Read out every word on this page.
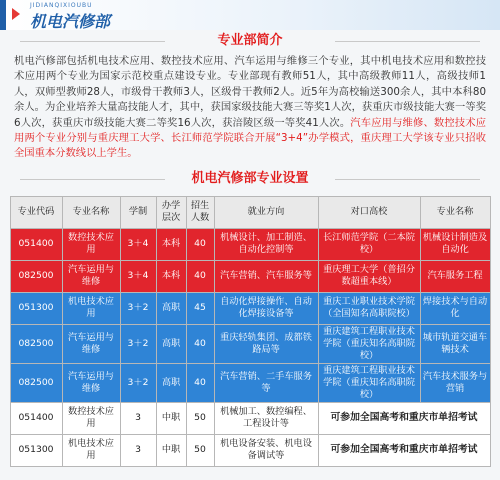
JIDIANQIXIOUBU
机电汽修部
专业部简介

机电汽修部包括机电技术应用、数控技术应用、汽车运用与维修三个专业，其中机电技术应用和数控技术应用两个专业为国家示范校重点建设专业。专业部现有教师51人，其中高级教师11人，高级技师1人，双师型教师28人，市级骨干教师3人，区级骨干教师2人。近5年为高校输送300余人，其中本科80余人。为企业培养大量高技能人才，其中，获国家级技能大赛三等奖1人次，获重庆市级技能大赛一等奖6人次，获重庆市级技能大赛二等奖16人次，获涪陵区级一等奖41人次。汽车应用与维修、数控技术应用两个专业分别与重庆理工大学、长江师范学院联合开展“3+4”办学模式，重庆理工大学该专业只招收全国重本分数线以上学生。

机电汽修部专业设置
专业代码	专业名称	学制	办学层次	招生人数	就业方向	对口高校	专业名称
051400	数控技术应用	3＋4	本科	40	机械设计、加工制造、自动化控制等	长江师范学院（二本院校）	机械设计制造及自动化
082500	汽车运用与维修	3＋4	本科	40	汽车营销、汽车服务等	重庆理工大学（普招分数超重本线）	汽车服务工程
051300	机电技术应用	3＋2	高职	45	自动化焊接操作、自动化焊接设备等	重庆工业职业技术学院（全国知名高职院校）	焊接技术与自动化
082500	汽车运用与维修	3＋2	高职	40	重庆轻轨集团、成都铁路局等	重庆建筑工程职业技术学院（重庆知名高职院校）	城市轨道交通车辆技术
082500	汽车运用与维修	3＋2	高职	40	汽车营销、二手车服务等	重庆建筑工程职业技术学院（重庆知名高职院校）	汽车技术服务与营销
051400	数控技术应用	3	中职	50	机械加工、数控编程、工程设计等	可参加全国高考和重庆市单招考试	
051300	机电技术应用	3	中职	50	机电设备安装、机电设备调试等	可参加全国高考和重庆市单招考试	
